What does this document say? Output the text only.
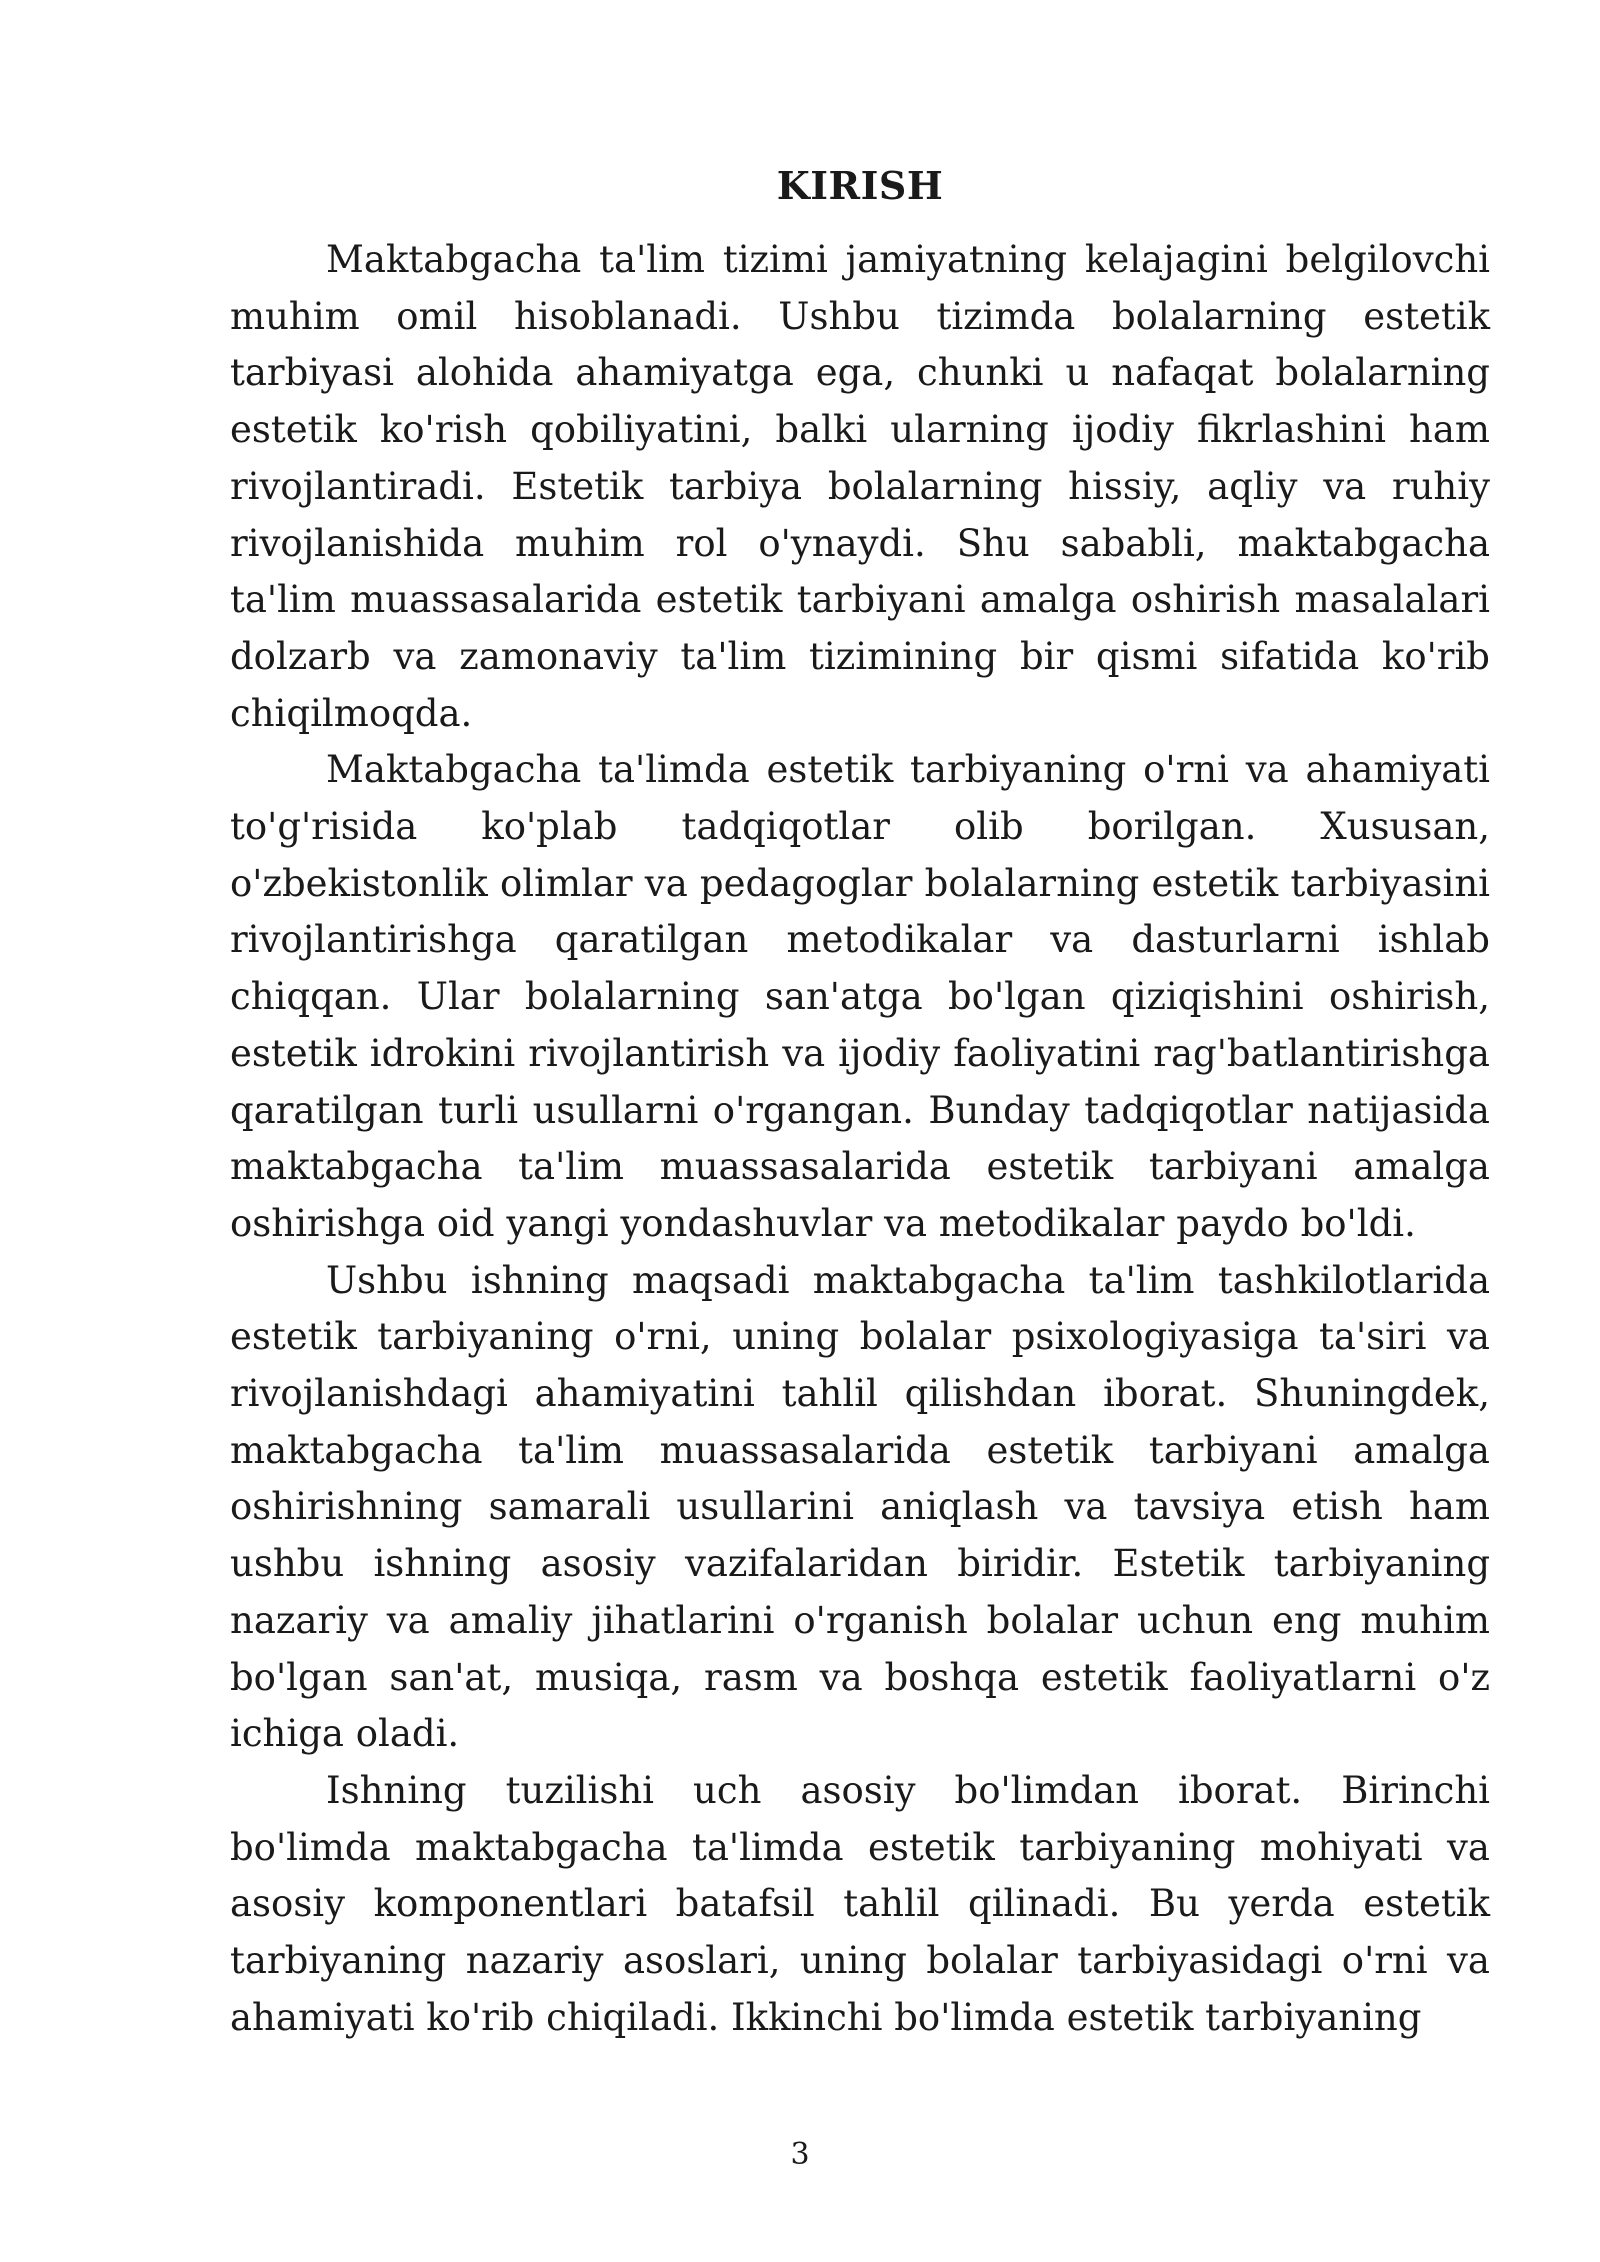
KIRISH

Maktabgacha ta'lim tizimi jamiyatning kelajagini belgilovchi muhim omil hisoblanadi. Ushbu tizimda bolalarning estetik tarbiyasi alohida ahamiyatga ega, chunki u nafaqat bolalarning estetik ko'rish qobiliyatini, balki ularning ijodiy fikrlashini ham rivojlantiradi. Estetik tarbiya bolalarning hissiy, aqliy va ruhiy rivojlanishida muhim rol o'ynaydi. Shu sababli, maktabgacha ta'lim muassasalarida estetik tarbiyani amalga oshirish masalalari dolzarb va zamonaviy ta'lim tizimining bir qismi sifatida ko'rib chiqilmoqda.

Maktabgacha ta'limda estetik tarbiyaning o'rni va ahamiyati to'g'risida ko'plab tadqiqotlar olib borilgan. Xususan, o'zbekistonlik olimlar va pedagoglar bolalarning estetik tarbiyasini rivojlantirishga qaratilgan metodikalar va dasturlarni ishlab chiqqan. Ular bolalarning san'atga bo'lgan qiziqishini oshirish, estetik idrokini rivojlantirish va ijodiy faoliyatini rag'batlantirishga qaratilgan turli usullarni o'rgangan. Bunday tadqiqotlar natijasida maktabgacha ta'lim muassasalarida estetik tarbiyani amalga oshirishga oid yangi yondashuvlar va metodikalar paydo bo'ldi.

Ushbu ishning maqsadi maktabgacha ta'lim tashkilotlarida estetik tarbiyaning o'rni, uning bolalar psixologiyasiga ta'siri va rivojlanishdagi ahamiyatini tahlil qilishdan iborat. Shuningdek, maktabgacha ta'lim muassasalarida estetik tarbiyani amalga oshirishning samarali usullarini aniqlash va tavsiya etish ham ushbu ishning asosiy vazifalaridan biridir. Estetik tarbiyaning nazariy va amaliy jihatlarini o'rganish bolalar uchun eng muhim bo'lgan san'at, musiqa, rasm va boshqa estetik faoliyatlarni o'z ichiga oladi.

Ishning tuzilishi uch asosiy bo'limdan iborat. Birinchi bo'limda maktabgacha ta'limda estetik tarbiyaning mohiyati va asosiy komponentlari batafsil tahlil qilinadi. Bu yerda estetik tarbiyaning nazariy asoslari, uning bolalar tarbiyasidagi o'rni va ahamiyati ko'rib chiqiladi. Ikkinchi bo'limda estetik tarbiyaning

3
